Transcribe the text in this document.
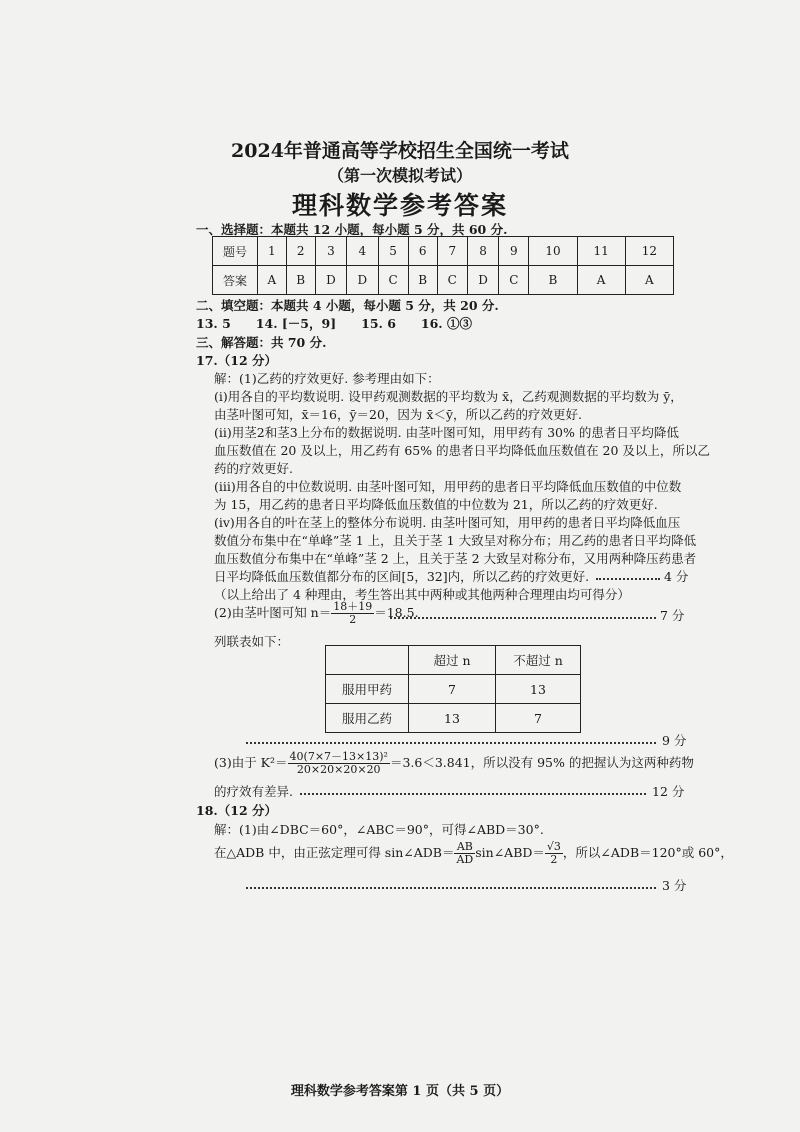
2024年普通高等学校招生全国统一考试
（第一次模拟考试）
理科数学参考答案
一、选择题：本题共 12 小题，每小题 5 分，共 60 分.
题号	1	2	3	4	5	6	7	8	9	10	11	12
答案	A	B	D	D	C	B	C	D	C	B	A	A
二、填空题：本题共 4 小题，每小题 5 分，共 20 分.
13. 5　　14. [－5，9]　　15. 6　　16. ①③
三、解答题：共 70 分.
17.（12 分）
解：(1)乙药的疗效更好. 参考理由如下：
(i)用各自的平均数说明. 设甲药观测数据的平均数为 x̄，乙药观测数据的平均数为 ȳ，
由茎叶图可知，x̄＝16，ȳ＝20，因为 x̄＜ȳ，所以乙药的疗效更好.
(ii)用茎2和茎3上分布的数据说明. 由茎叶图可知，用甲药有 30% 的患者日平均降低
血压数值在 20 及以上，用乙药有 65% 的患者日平均降低血压数值在 20 及以上，所以乙
药的疗效更好.
(iii)用各自的中位数说明. 由茎叶图可知，用甲药的患者日平均降低血压数值的中位数
为 15，用乙药的患者日平均降低血压数值的中位数为 21，所以乙药的疗效更好.
(iv)用各自的叶在茎上的整体分布说明. 由茎叶图可知，用甲药的患者日平均降低血压
数值分布集中在“单峰”茎 1 上，且关于茎 1 大致呈对称分布；用乙药的患者日平均降低
血压数值分布集中在“单峰”茎 2 上，且关于茎 2 大致呈对称分布，又用两种降压药患者
日平均降低血压数值都分布的区间[5，32]内，所以乙药的疗效更好.	4 分
（以上给出了 4 种理由，考生答出其中两种或其他两种合理理由均可得分）
(2)由茎叶图可知 $n= \frac{18+19}{2} =18.5$.	7 分
列联表如下：
	超过 n	不超过 n
服用甲药	7	13
服用乙药	13	7
9 分
(3)由于 $K^2= \frac{\text{40(7×7－13×13)²}}{20\times 20\times 20\times 20} =3.6<3.841$，所以没有 95% 的把握认为这两种药物
的疗效有差异.	12 分
18.（12 分）
解：(1)由∠DBC＝60°，∠ABC＝90°，可得∠ABD＝30°.
在△ADB 中，由正弦定理可得 sin∠ADB＝ $\frac{AB}{AD}$ sin∠ABD＝ $\frac{√3}{2}$ ，所以∠ADB＝120°或 60°，
3 分
理科数学参考答案第 1 页（共 5 页）
